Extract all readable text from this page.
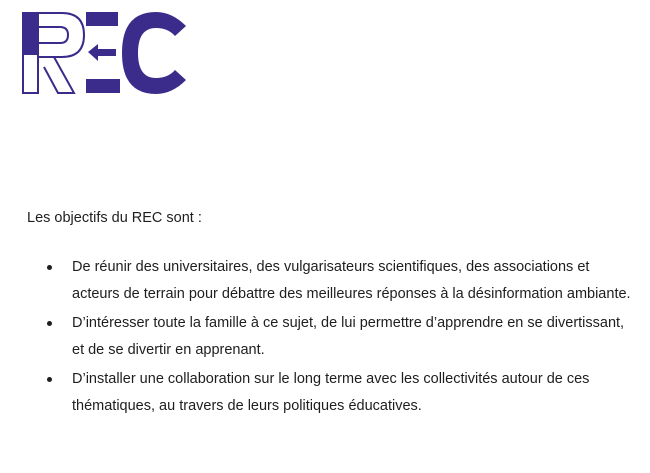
Les objectifs du REC sont :

De réunir des universitaires, des vulgarisateurs scientifiques, des associations et acteurs de terrain pour débattre des meilleures réponses à la désinformation ambiante.
D’intéresser toute la famille à ce sujet, de lui permettre d’apprendre en se divertissant, et de se divertir en apprenant.
D’installer une collaboration sur le long terme avec les collectivités autour de ces thématiques, au travers de leurs politiques éducatives.
